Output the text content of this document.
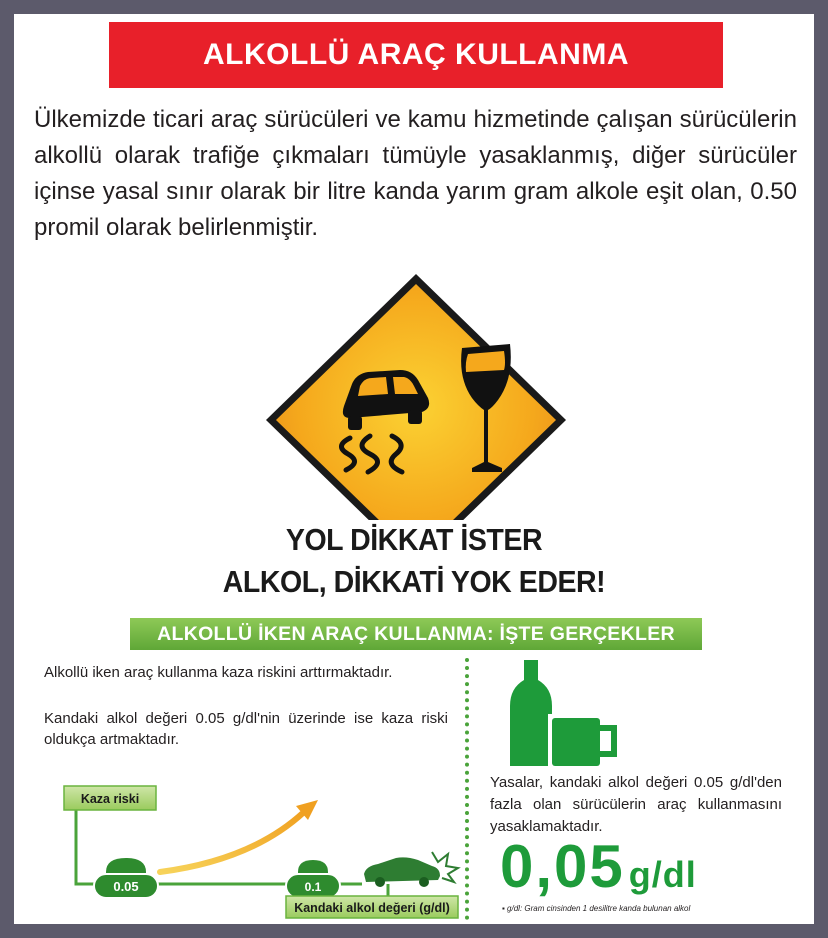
ALKOLLÜ ARAÇ KULLANMA
Ülkemizde ticari araç sürücüleri ve kamu hizmetinde çalışan sürücülerin alkollü olarak trafiğe çıkmaları tümüyle yasaklanmış, diğer sürücüler içinse yasal sınır olarak bir litre kanda yarım gram alkole eşit olan, 0.50 promil olarak belirlenmiştir.
YOL DİKKAT İSTER
ALKOL, DİKKATİ YOK EDER!
ALKOLLÜ İKEN ARAÇ KULLANMA: İŞTE GERÇEKLER
Alkollü iken araç kullanma kaza riskini arttırmaktadır.
Kandaki alkol değeri 0.05 g/dl'nin üzerinde ise kaza riski oldukça artmaktadır.
Kaza riski
0.05	0.1
Kandaki alkol değeri (g/dl)
Yasalar, kandaki alkol değeri 0.05 g/dl'den fazla olan sürücülerin araç kullanmasını yasaklamaktadır.
0,05 g/dl
▪ g/dl: Gram cinsinden 1 desilitre kanda bulunan alkol
